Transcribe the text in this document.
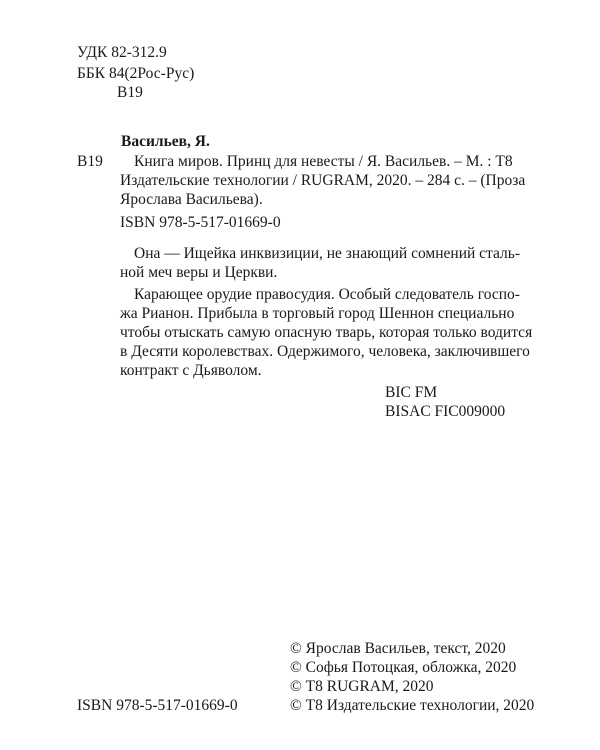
УДК 82-312.9
ББК 84(2Рос-Рус)
В19
Васильев, Я.
В19 Книга миров. Принц для невесты / Я. Васильев. – М. : Т8
Издательские технологии / RUGRAM, 2020. – 284 с. – (Проза
Ярослава Васильева).
ISBN 978-5-517-01669-0
Она — Ищейка инквизиции, не знающий сомнений сталь-
ной меч веры и Церкви.
Карающее орудие правосудия. Особый следователь госпо-
жа Рианон. Прибыла в торговый город Шеннон специально
чтобы отыскать самую опасную тварь, которая только водится
в Десяти королевствах. Одержимого, человека, заключившего
контракт с Дьяволом.
BIC FM
BISAC FIC009000
© Ярослав Васильев, текст, 2020
© Софья Потоцкая, обложка, 2020
© Т8 RUGRAM, 2020
© Т8 Издательские технологии, 2020
ISBN 978-5-517-01669-0
